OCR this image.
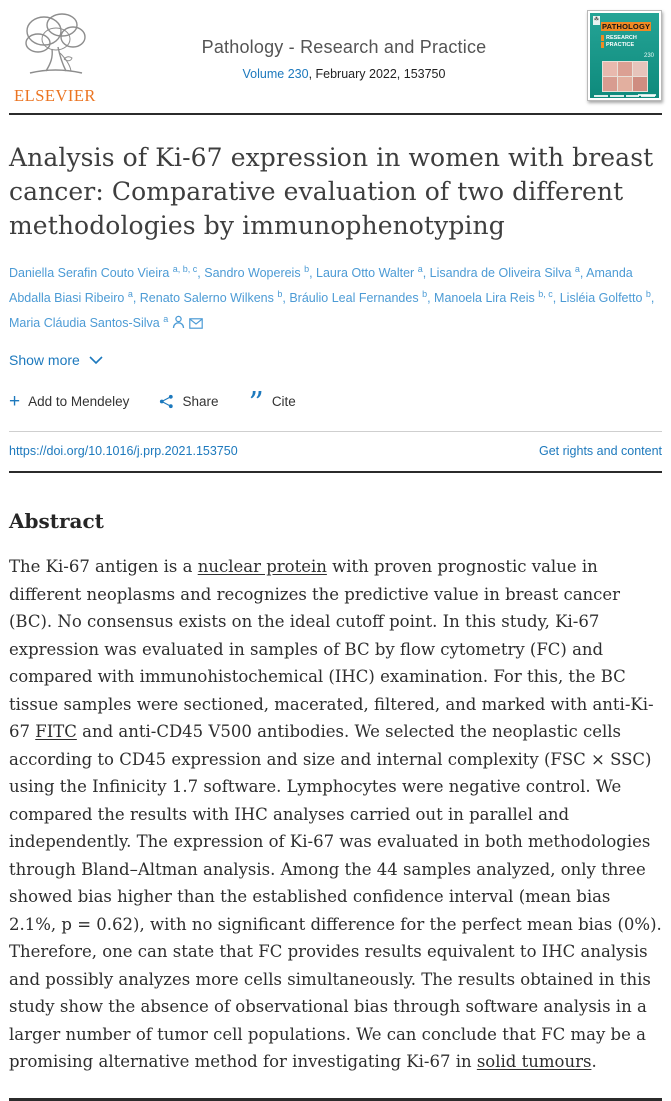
ELSEVIER
Pathology - Research and Practice
Volume 230, February 2022, 153750
☘
PATHOLOGY
RESEARCH
PRACTICE
230
Analysis of Ki-67 expression in women with breast cancer: Comparative evaluation of two different methodologies by immunophenotyping

Daniella Serafin Couto Vieira $^{a, b, c}$, Sandro Wopereis $^b$, Laura Otto Walter $^a$, Lisandra de Oliveira Silva $^a$, Amanda Abdalla Biasi Ribeiro $^a$, Renato Salerno Wilkens $^b$, Bráulio Leal Fernandes $^b$, Manoela Lira Reis $^{b, c}$, Lisléia Golfetto $^b$, Maria Cláudia Santos-Silva $^a$

Show more
+ Add to Mendeley	Share ” Cite
https://doi.org/10.1016/j.prp.2021.153750	Get rights and content
Abstract

The Ki-67 antigen is a nuclear protein with proven prognostic value in different neoplasms and recognizes the predictive value in breast cancer (BC). No consensus exists on the ideal cutoff point. In this study, Ki-67 expression was evaluated in samples of BC by flow cytometry (FC) and compared with immunohistochemical (IHC) examination. For this, the BC tissue samples were sectioned, macerated, filtered, and marked with anti-Ki-67 FITC and anti-CD45 V500 antibodies. We selected the neoplastic cells according to CD45 expression and size and internal complexity (FSC × SSC) using the Infinicity 1.7 software. Lymphocytes were negative control. We compared the results with IHC analyses carried out in parallel and independently. The expression of Ki-67 was evaluated in both methodologies through Bland–Altman analysis. Among the 44 samples analyzed, only three showed bias higher than the established confidence interval (mean bias 2.1%, p = 0.62), with no significant difference for the perfect mean bias (0%). Therefore, one can state that FC provides results equivalent to IHC analysis and possibly analyzes more cells simultaneously. The results obtained in this study show the absence of observational bias through software analysis in a larger number of tumor cell populations. We can conclude that FC may be a promising alternative method for investigating Ki-67 in solid tumours.
